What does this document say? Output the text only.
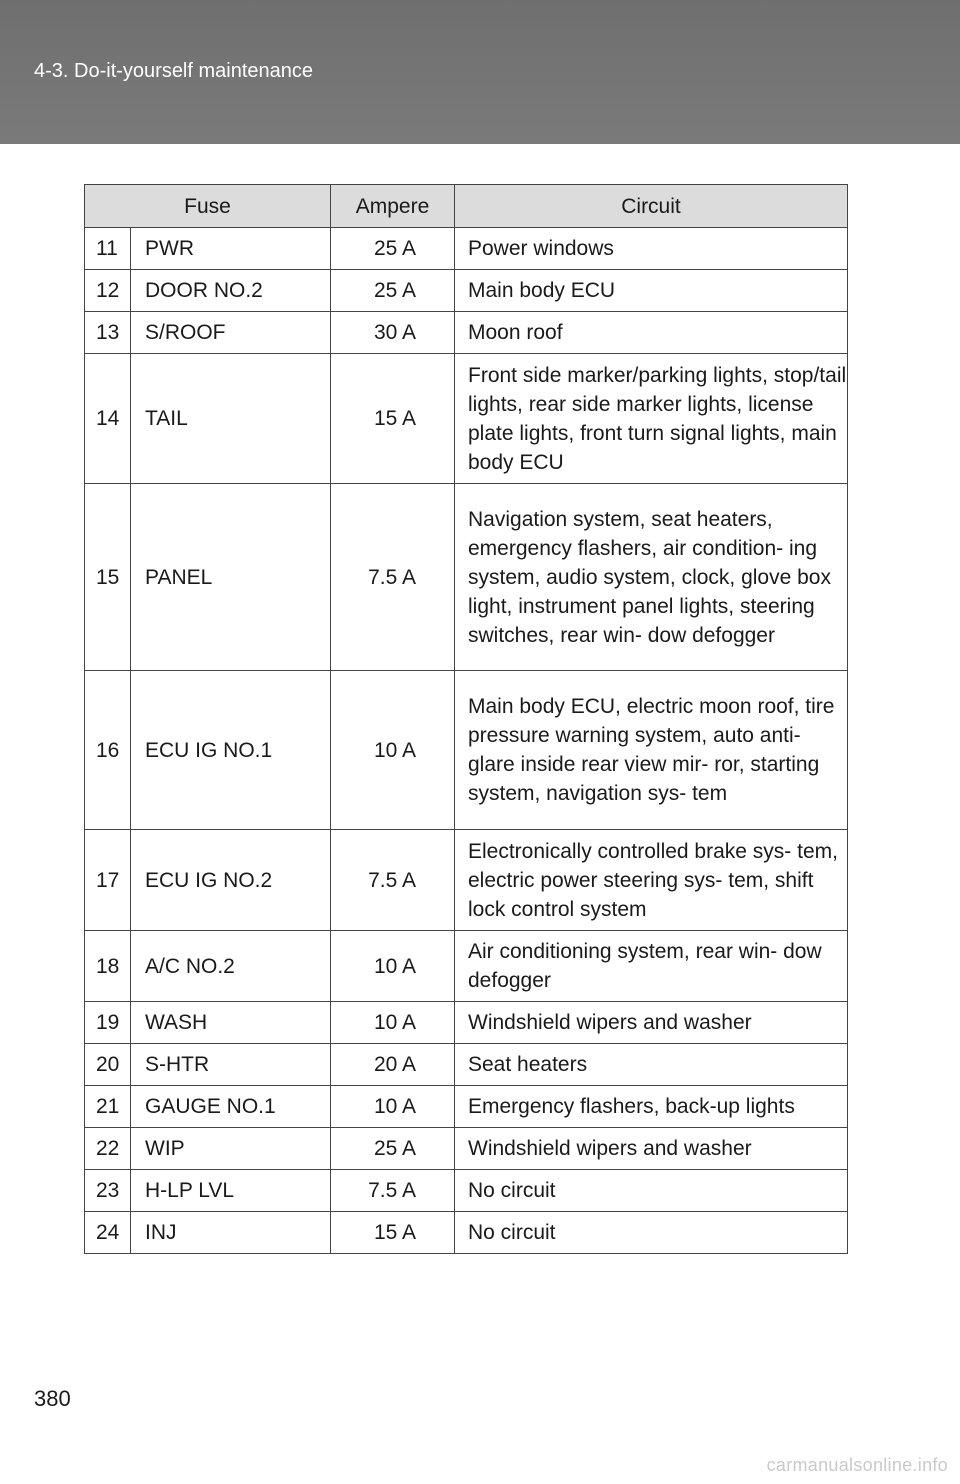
4-3. Do-it-yourself maintenance
Fuse		Ampere	Circuit
11	PWR	25 A	Power windows
12	DOOR NO.2	25 A	Main body ECU
13	S/ROOF	30 A	Moon roof
14	TAIL	15 A	Front side marker/parking lights, stop/tail lights, rear side marker lights, license plate lights, front turn signal lights, main body ECU
15	PANEL	7.5 A	Navigation system, seat heaters, emergency flashers, air condition- ing system, audio system, clock, glove box light, instrument panel lights, steering switches, rear win- dow defogger
16	ECU IG NO.1	10 A	Main body ECU, electric moon roof, tire pressure warning system, auto anti-glare inside rear view mir- ror, starting system, navigation sys- tem
17	ECU IG NO.2	7.5 A	Electronically controlled brake sys- tem, electric power steering sys- tem, shift lock control system
18	A/C NO.2	10 A	Air conditioning system, rear win- dow defogger
19	WASH	10 A	Windshield wipers and washer
20	S-HTR	20 A	Seat heaters
21	GAUGE NO.1	10 A	Emergency flashers, back-up lights
22	WIP	25 A	Windshield wipers and washer
23	H-LP LVL	7.5 A	No circuit
24	INJ	15 A	No circuit
380
carmanualsonline.info
